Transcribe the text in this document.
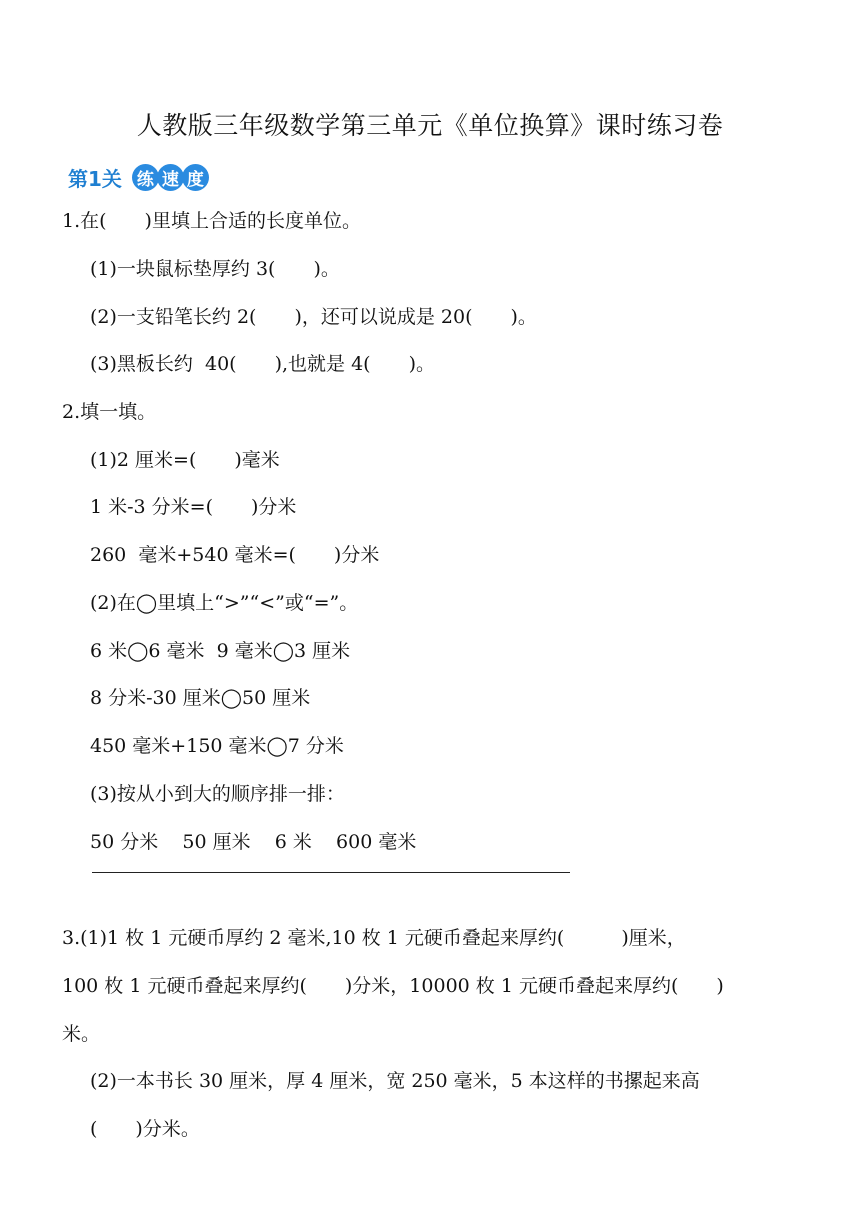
人教版三年级数学第三单元《单位换算》课时练习卷
第1关 练 速 度
1.在(　　)里填上合适的长度单位。
(1)一块鼠标垫厚约 3(　　)。
(2)一支铅笔长约 2(　　)，还可以说成是 20(　　)。
(3)黑板长约  40(　　),也就是 4(　　)。
2.填一填。
(1)2 厘米=(　　)毫米
1 米-3 分米=(　　)分米
260  毫米+540 毫米=(　　)分米
(2)在◯里填上“>”“<”或“=”。
6 米◯6 毫米  9 毫米◯3 厘米
8 分米-30 厘米◯50 厘米
450 毫米+150 毫米◯7 分米
(3)按从小到大的顺序排一排：
50 分米    50 厘米    6 米    600 毫米
3.(1)1 枚 1 元硬币厚约 2 毫米,10 枚 1 元硬币叠起来厚约(　　　)厘米，
100 枚 1 元硬币叠起来厚约(　　)分米，10000 枚 1 元硬币叠起来厚约(　　)
米。
(2)一本书长 30 厘米，厚 4 厘米，宽 250 毫米，5 本这样的书摞起来高
(　　)分米。
